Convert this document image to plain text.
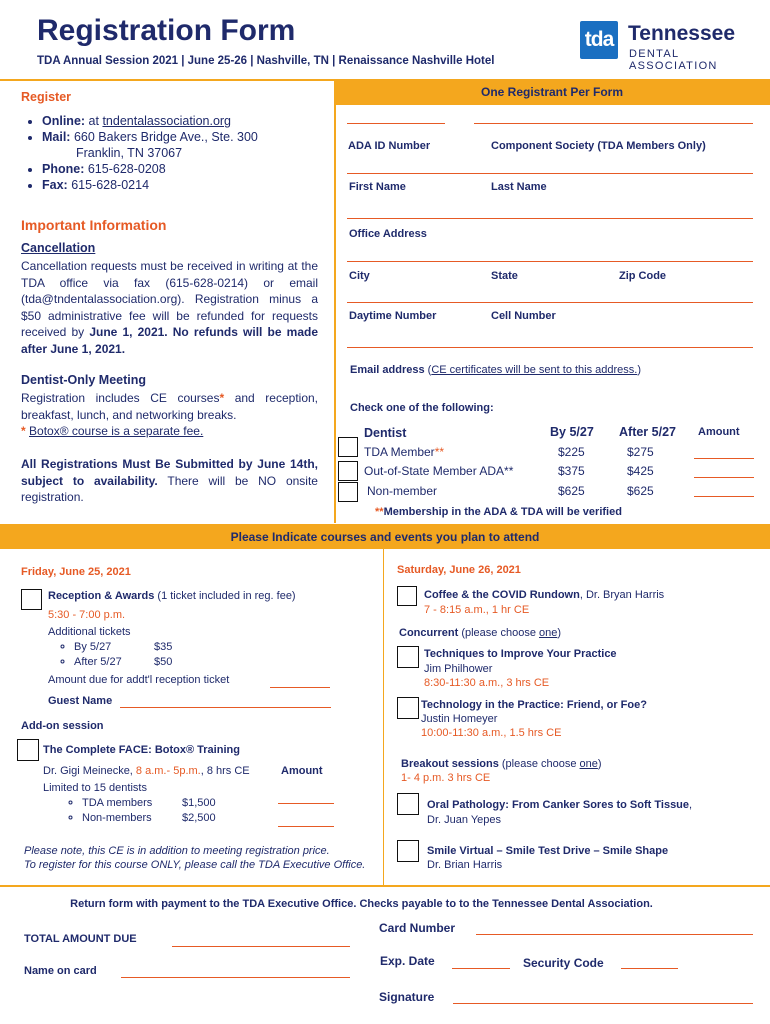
Registration Form
TDA Annual Session 2021 | June 25-26 | Nashville, TN | Renaissance Nashville Hotel
tda Tennessee
DENTAL ASSOCIATION
One Registrant Per Form
Register
• Online: at tndentalassociation.org
• Mail: 660 Bakers Bridge Ave., Ste. 300
Franklin, TN 37067
• Phone: 615-628-0208
• Fax: 615-628-0214
Important Information
Cancellation
Cancellation requests must be received in writing at the TDA office via fax (615-628-0214) or email (tda@tndentalassociation.org). Registration minus a $50 administrative fee will be refunded for requests received by June 1, 2021. No refunds will be made after June 1, 2021.
Dentist-Only Meeting
Registration includes CE courses* and reception, breakfast, lunch, and networking breaks.
* Botox® course is a separate fee.
All Registrations Must Be Submitted by June 14th, subject to availability. There will be NO onsite registration.
ADA ID Number	Component Society (TDA Members Only)
First Name	Last Name
Office Address
City	State	Zip Code
Daytime Number	Cell Number
Email address (CE certificates will be sent to this address.)
Check one of the following:
Dentist	By 5/27 After 5/27 Amount
TDA Member**	$225	$275
Out-of-State Member ADA**	$375	$425
Non-member	$625	$625
**Membership in the ADA & TDA will be verified
Please Indicate courses and events you plan to attend
Friday, June 25, 2021
Reception & Awards (1 ticket included in reg. fee)
5:30 - 7:00 p.m.
Additional tickets
◦ By 5/27	$35
◦ After 5/27	$50
Amount due for addt'l reception ticket
Guest Name
Add-on session
The Complete FACE: Botox® Training
Dr. Gigi Meinecke, 8 a.m.- 5p.m., 8 hrs CE	Amount
Limited to 15 dentists
◦ TDA members	$1,500
◦ Non-members	$2,500
Please note, this CE is in addition to meeting registration price.
To register for this course ONLY, please call the TDA Executive Office.
Saturday, June 26, 2021
Coffee & the COVID Rundown, Dr. Bryan Harris
7 - 8:15 a.m., 1 hr CE
Concurrent (please choose one)
Techniques to Improve Your Practice
Jim Philhower
8:30-11:30 a.m., 3 hrs CE
Technology in the Practice: Friend, or Foe?
Justin Homeyer
10:00-11:30 a.m., 1.5 hrs CE
Breakout sessions (please choose one)
1- 4 p.m. 3 hrs CE
Oral Pathology: From Canker Sores to Soft Tissue,
Dr. Juan Yepes
Smile Virtual – Smile Test Drive – Smile Shape
Dr. Brian Harris
Return form with payment to the TDA Executive Office. Checks payable to to the Tennessee Dental Association.
TOTAL AMOUNT DUE
Name on card
Card Number
Exp. Date	Security Code
Signature
